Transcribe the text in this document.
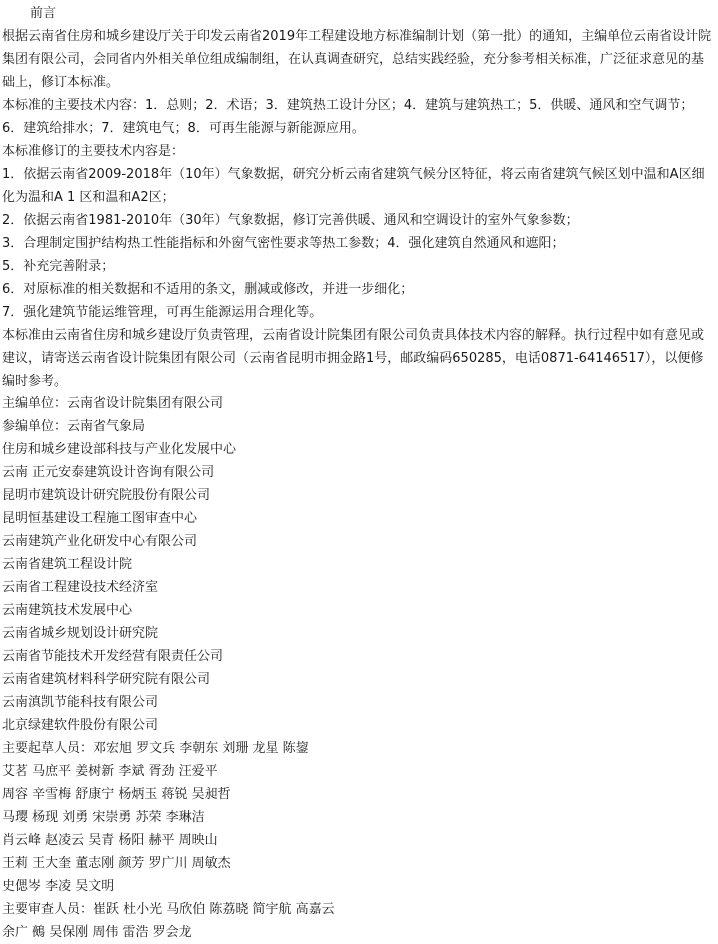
前言

根据云南省住房和城乡建设厅关于印发云南省2019年工程建设地方标准编制计划（第一批）的通知，主编单位云南省设计院集团有限公司，会同省内外相关单位组成编制组，在认真调查研究，总结实践经验，充分参考相关标准，广泛征求意见的基础上，修订本标准。

本标准的主要技术内容：1．总则；2．术语；3．建筑热工设计分区；4．建筑与建筑热工；5．供暖、通风和空气调节；6．建筑给排水；7．建筑电气；8．可再生能源与新能源应用。

本标准修订的主要技术内容是：

1．依据云南省2009-2018年（10年）气象数据，研究分析云南省建筑气候分区特征，将云南省建筑气候区划中温和A区细化为温和A 1 区和温和A2区；

2．依据云南省1981-2010年（30年）气象数据，修订完善供暖、通风和空调设计的室外气象参数；

3．合理制定围护结构热工性能指标和外窗气密性要求等热工参数；4．强化建筑自然通风和遮阳；

5．补充完善附录；

6．对原标准的相关数据和不适用的条文，删减或修改，并进一步细化；

7．强化建筑节能运维管理，可再生能源运用合理化等。

本标准由云南省住房和城乡建设厅负责管理，云南省设计院集团有限公司负责具体技术内容的解释。执行过程中如有意见或建议，请寄送云南省设计院集团有限公司（云南省昆明市拥金路1号，邮政编码650285，电话0871-64146517），以便修编时参考。

主编单位：云南省设计院集团有限公司
参编单位：云南省气象局
住房和城乡建设部科技与产业化发展中心
云南 正元安泰建筑设计咨询有限公司
昆明市建筑设计研究院股份有限公司
昆明恒基建设工程施工图审查中心
云南建筑产业化研发中心有限公司
云南省建筑工程设计院
云南省工程建设技术经济室
云南建筑技术发展中心
云南省城乡规划设计研究院
云南省节能技术开发经营有限责任公司
云南省建筑材料科学研究院有限公司
云南滇凯节能科技有限公司
北京绿建软件股份有限公司
主要起草人员：邓宏旭 罗文兵 李朝东 刘珊 龙星 陈鋆
艾茗 马庶平 姜树新 李斌 胥劲 汪爱平
周容 辛雪梅 舒康宁 杨炳玉 蒋锐 吴昶哲
马璎 杨现 刘勇 宋崇勇 苏荣 李琳洁
肖云峰 赵凌云 吴青 杨阳 赫平 周映山
王莉 王大奎 董志刚 颜芳 罗广川 周敏杰
史偲岑 李凌 吴文明
主要审查人员：崔跃 杜小光 马欣伯 陈荔晓 简宇航 高嘉云
余广 鵺 吴保刚 周伟 雷浩 罗会龙
